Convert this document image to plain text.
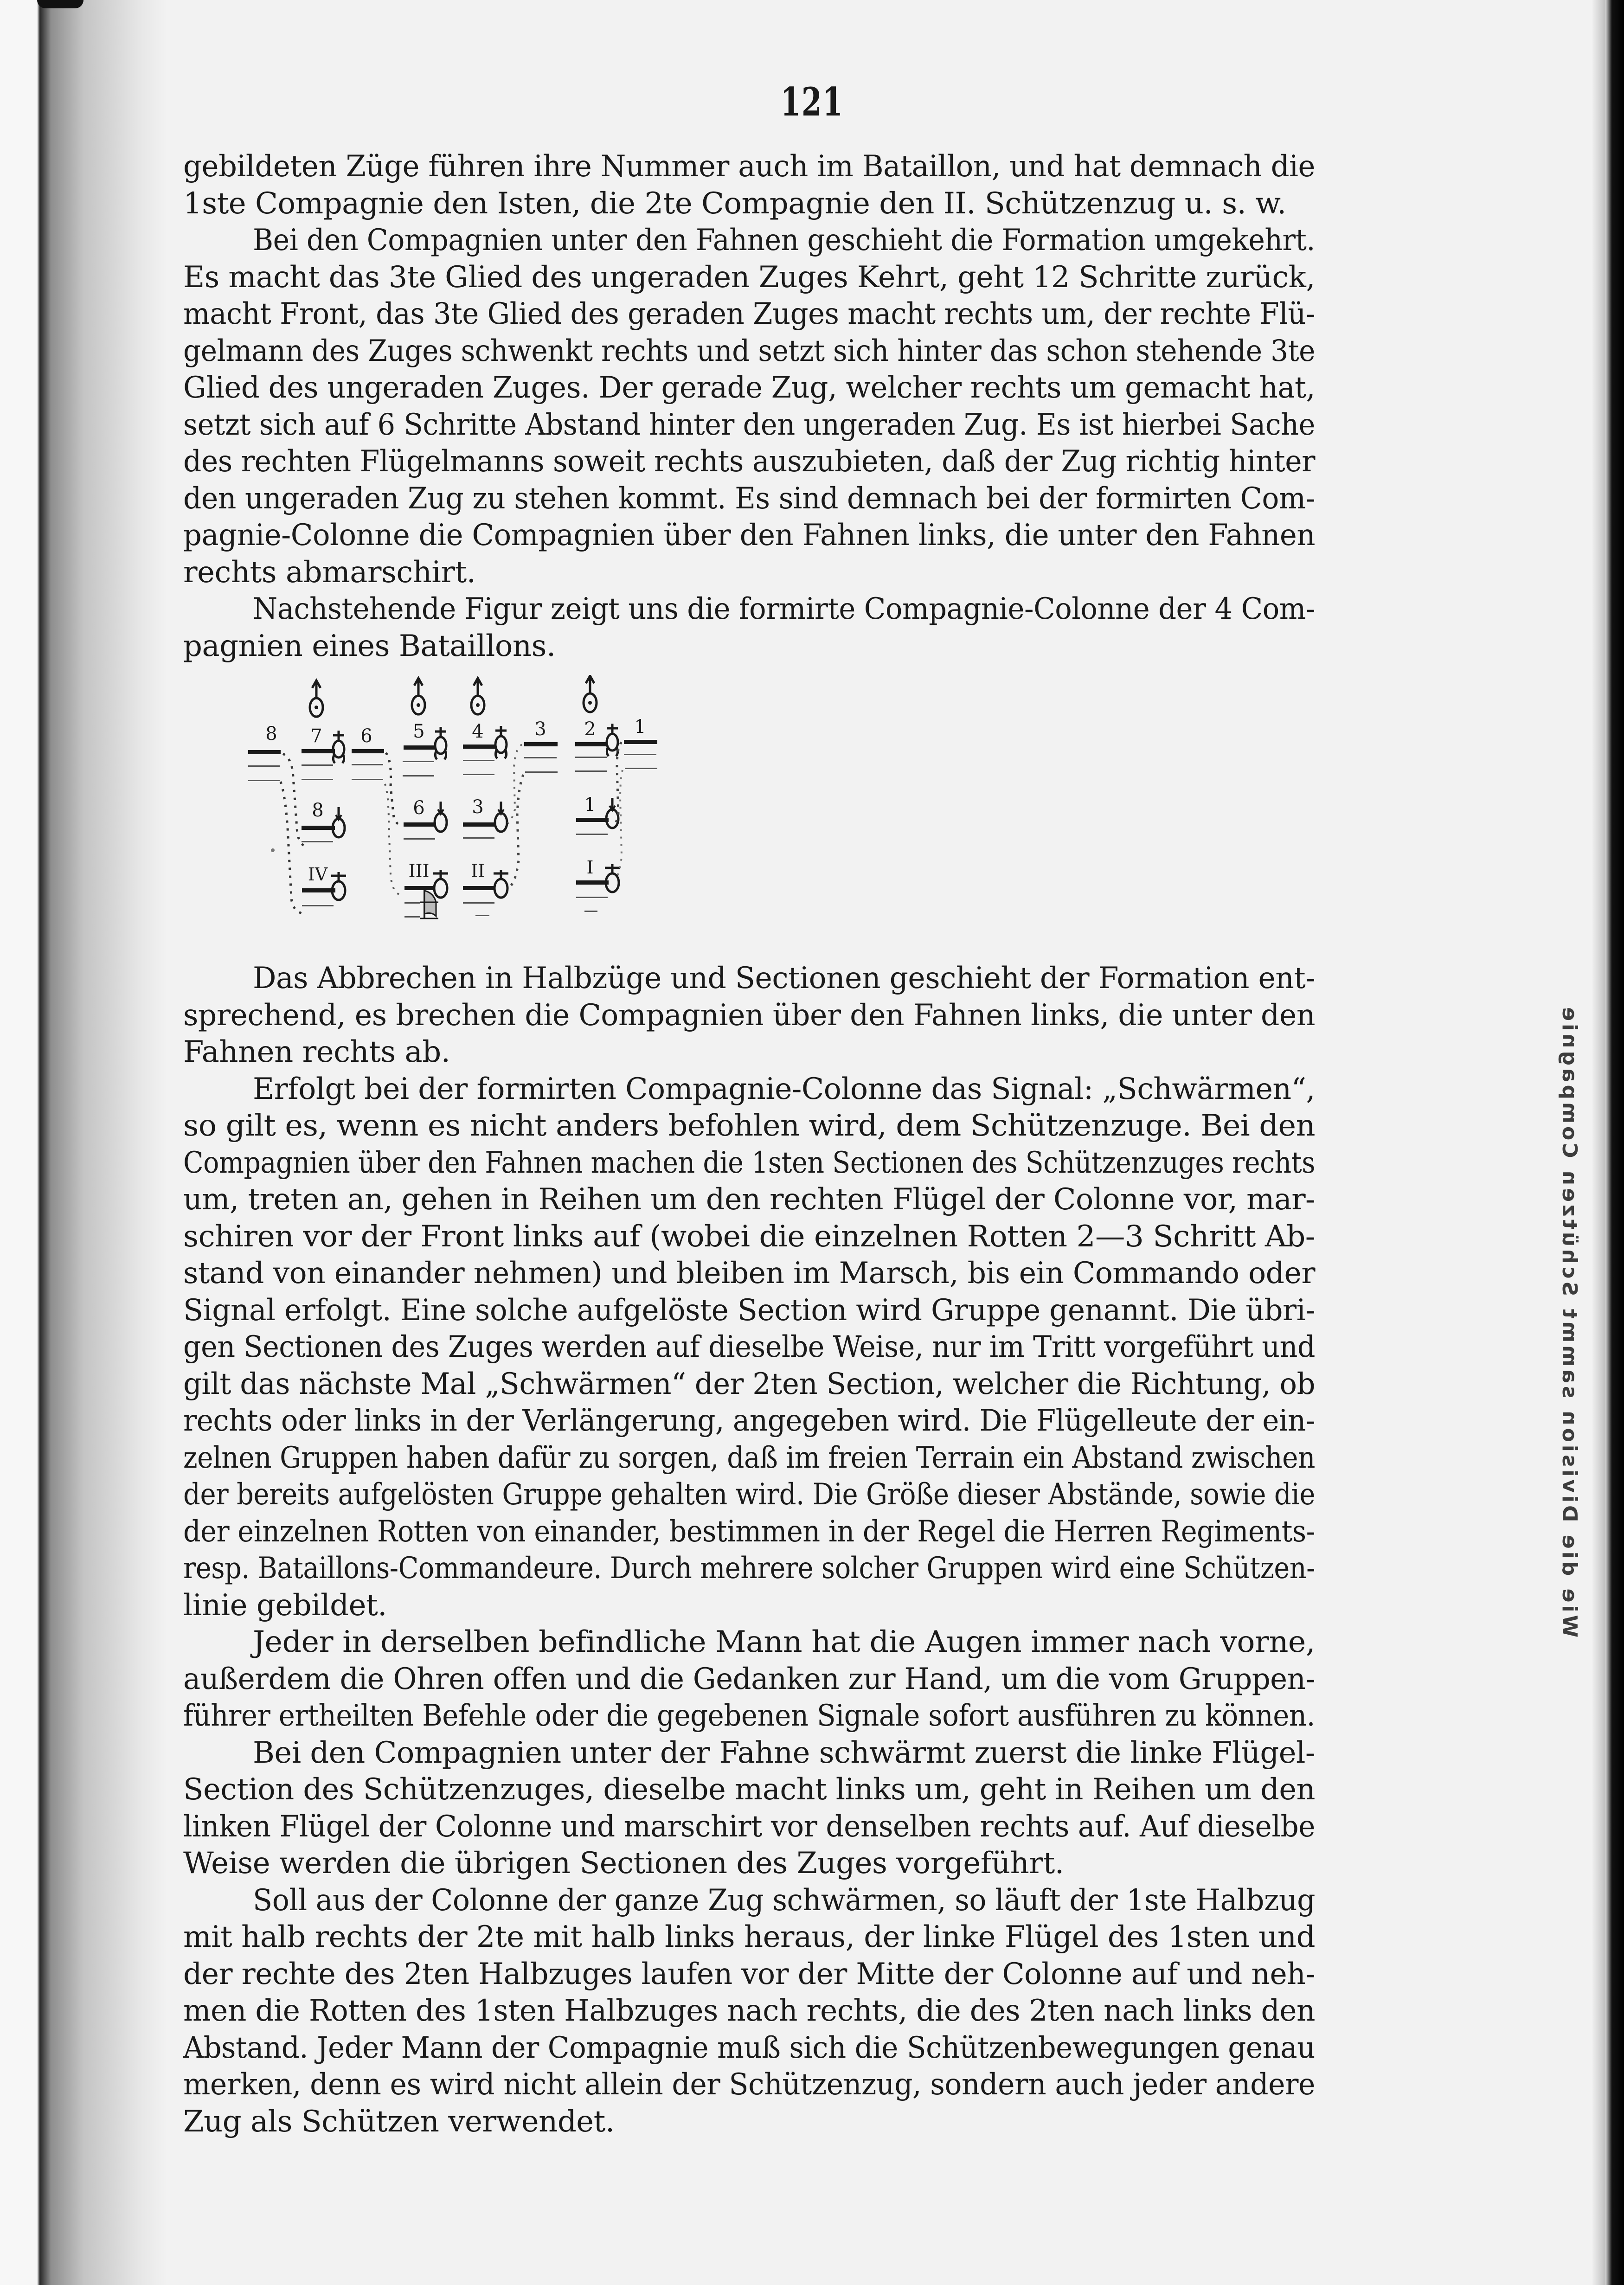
Wie die Division sammt Schützen Compagnie
121
gebildeten Züge führen ihre Nummer auch im Bataillon, und hat demnach die
1ste Compagnie den Isten, die 2te Compagnie den II. Schützenzug u. s. w.
Bei den Compagnien unter den Fahnen geschieht die Formation umgekehrt.
Es macht das 3te Glied des ungeraden Zuges Kehrt, geht 12 Schritte zurück,
macht Front, das 3te Glied des geraden Zuges macht rechts um, der rechte Flü-
gelmann des Zuges schwenkt rechts und setzt sich hinter das schon stehende 3te
Glied des ungeraden Zuges. Der gerade Zug, welcher rechts um gemacht hat,
setzt sich auf 6 Schritte Abstand hinter den ungeraden Zug. Es ist hierbei Sache
des rechten Flügelmanns soweit rechts auszubieten, daß der Zug richtig hinter
den ungeraden Zug zu stehen kommt. Es sind demnach bei der formirten Com-
pagnie-Colonne die Compagnien über den Fahnen links, die unter den Fahnen
rechts abmarschirt.
Nachstehende Figur zeigt uns die formirte Compagnie-Colonne der 4 Com-
pagnien eines Bataillons.
8 7
8
IV
6 5
6
III
4
3
II
3 2
1
I
1
Das Abbrechen in Halbzüge und Sectionen geschieht der Formation ent-
sprechend, es brechen die Compagnien über den Fahnen links, die unter den
Fahnen rechts ab.
Erfolgt bei der formirten Compagnie-Colonne das Signal: „Schwärmen“,
so gilt es, wenn es nicht anders befohlen wird, dem Schützenzuge. Bei den
Compagnien über den Fahnen machen die 1sten Sectionen des Schützenzuges rechts
um, treten an, gehen in Reihen um den rechten Flügel der Colonne vor, mar-
schiren vor der Front links auf (wobei die einzelnen Rotten 2—3 Schritt Ab-
stand von einander nehmen) und bleiben im Marsch, bis ein Commando oder
Signal erfolgt. Eine solche aufgelöste Section wird Gruppe genannt. Die übri-
gen Sectionen des Zuges werden auf dieselbe Weise, nur im Tritt vorgeführt und
gilt das nächste Mal „Schwärmen“ der 2ten Section, welcher die Richtung, ob
rechts oder links in der Verlängerung, angegeben wird. Die Flügelleute der ein-
zelnen Gruppen haben dafür zu sorgen, daß im freien Terrain ein Abstand zwischen
der bereits aufgelösten Gruppe gehalten wird. Die Größe dieser Abstände, sowie die
der einzelnen Rotten von einander, bestimmen in der Regel die Herren Regiments-
resp. Bataillons-Commandeure. Durch mehrere solcher Gruppen wird eine Schützen-
linie gebildet.
Jeder in derselben befindliche Mann hat die Augen immer nach vorne,
außerdem die Ohren offen und die Gedanken zur Hand, um die vom Gruppen-
führer ertheilten Befehle oder die gegebenen Signale sofort ausführen zu können.
Bei den Compagnien unter der Fahne schwärmt zuerst die linke Flügel-
Section des Schützenzuges, dieselbe macht links um, geht in Reihen um den
linken Flügel der Colonne und marschirt vor denselben rechts auf. Auf dieselbe
Weise werden die übrigen Sectionen des Zuges vorgeführt.
Soll aus der Colonne der ganze Zug schwärmen, so läuft der 1ste Halbzug
mit halb rechts der 2te mit halb links heraus, der linke Flügel des 1sten und
der rechte des 2ten Halbzuges laufen vor der Mitte der Colonne auf und neh-
men die Rotten des 1sten Halbzuges nach rechts, die des 2ten nach links den
Abstand. Jeder Mann der Compagnie muß sich die Schützenbewegungen genau
merken, denn es wird nicht allein der Schützenzug, sondern auch jeder andere
Zug als Schützen verwendet.
